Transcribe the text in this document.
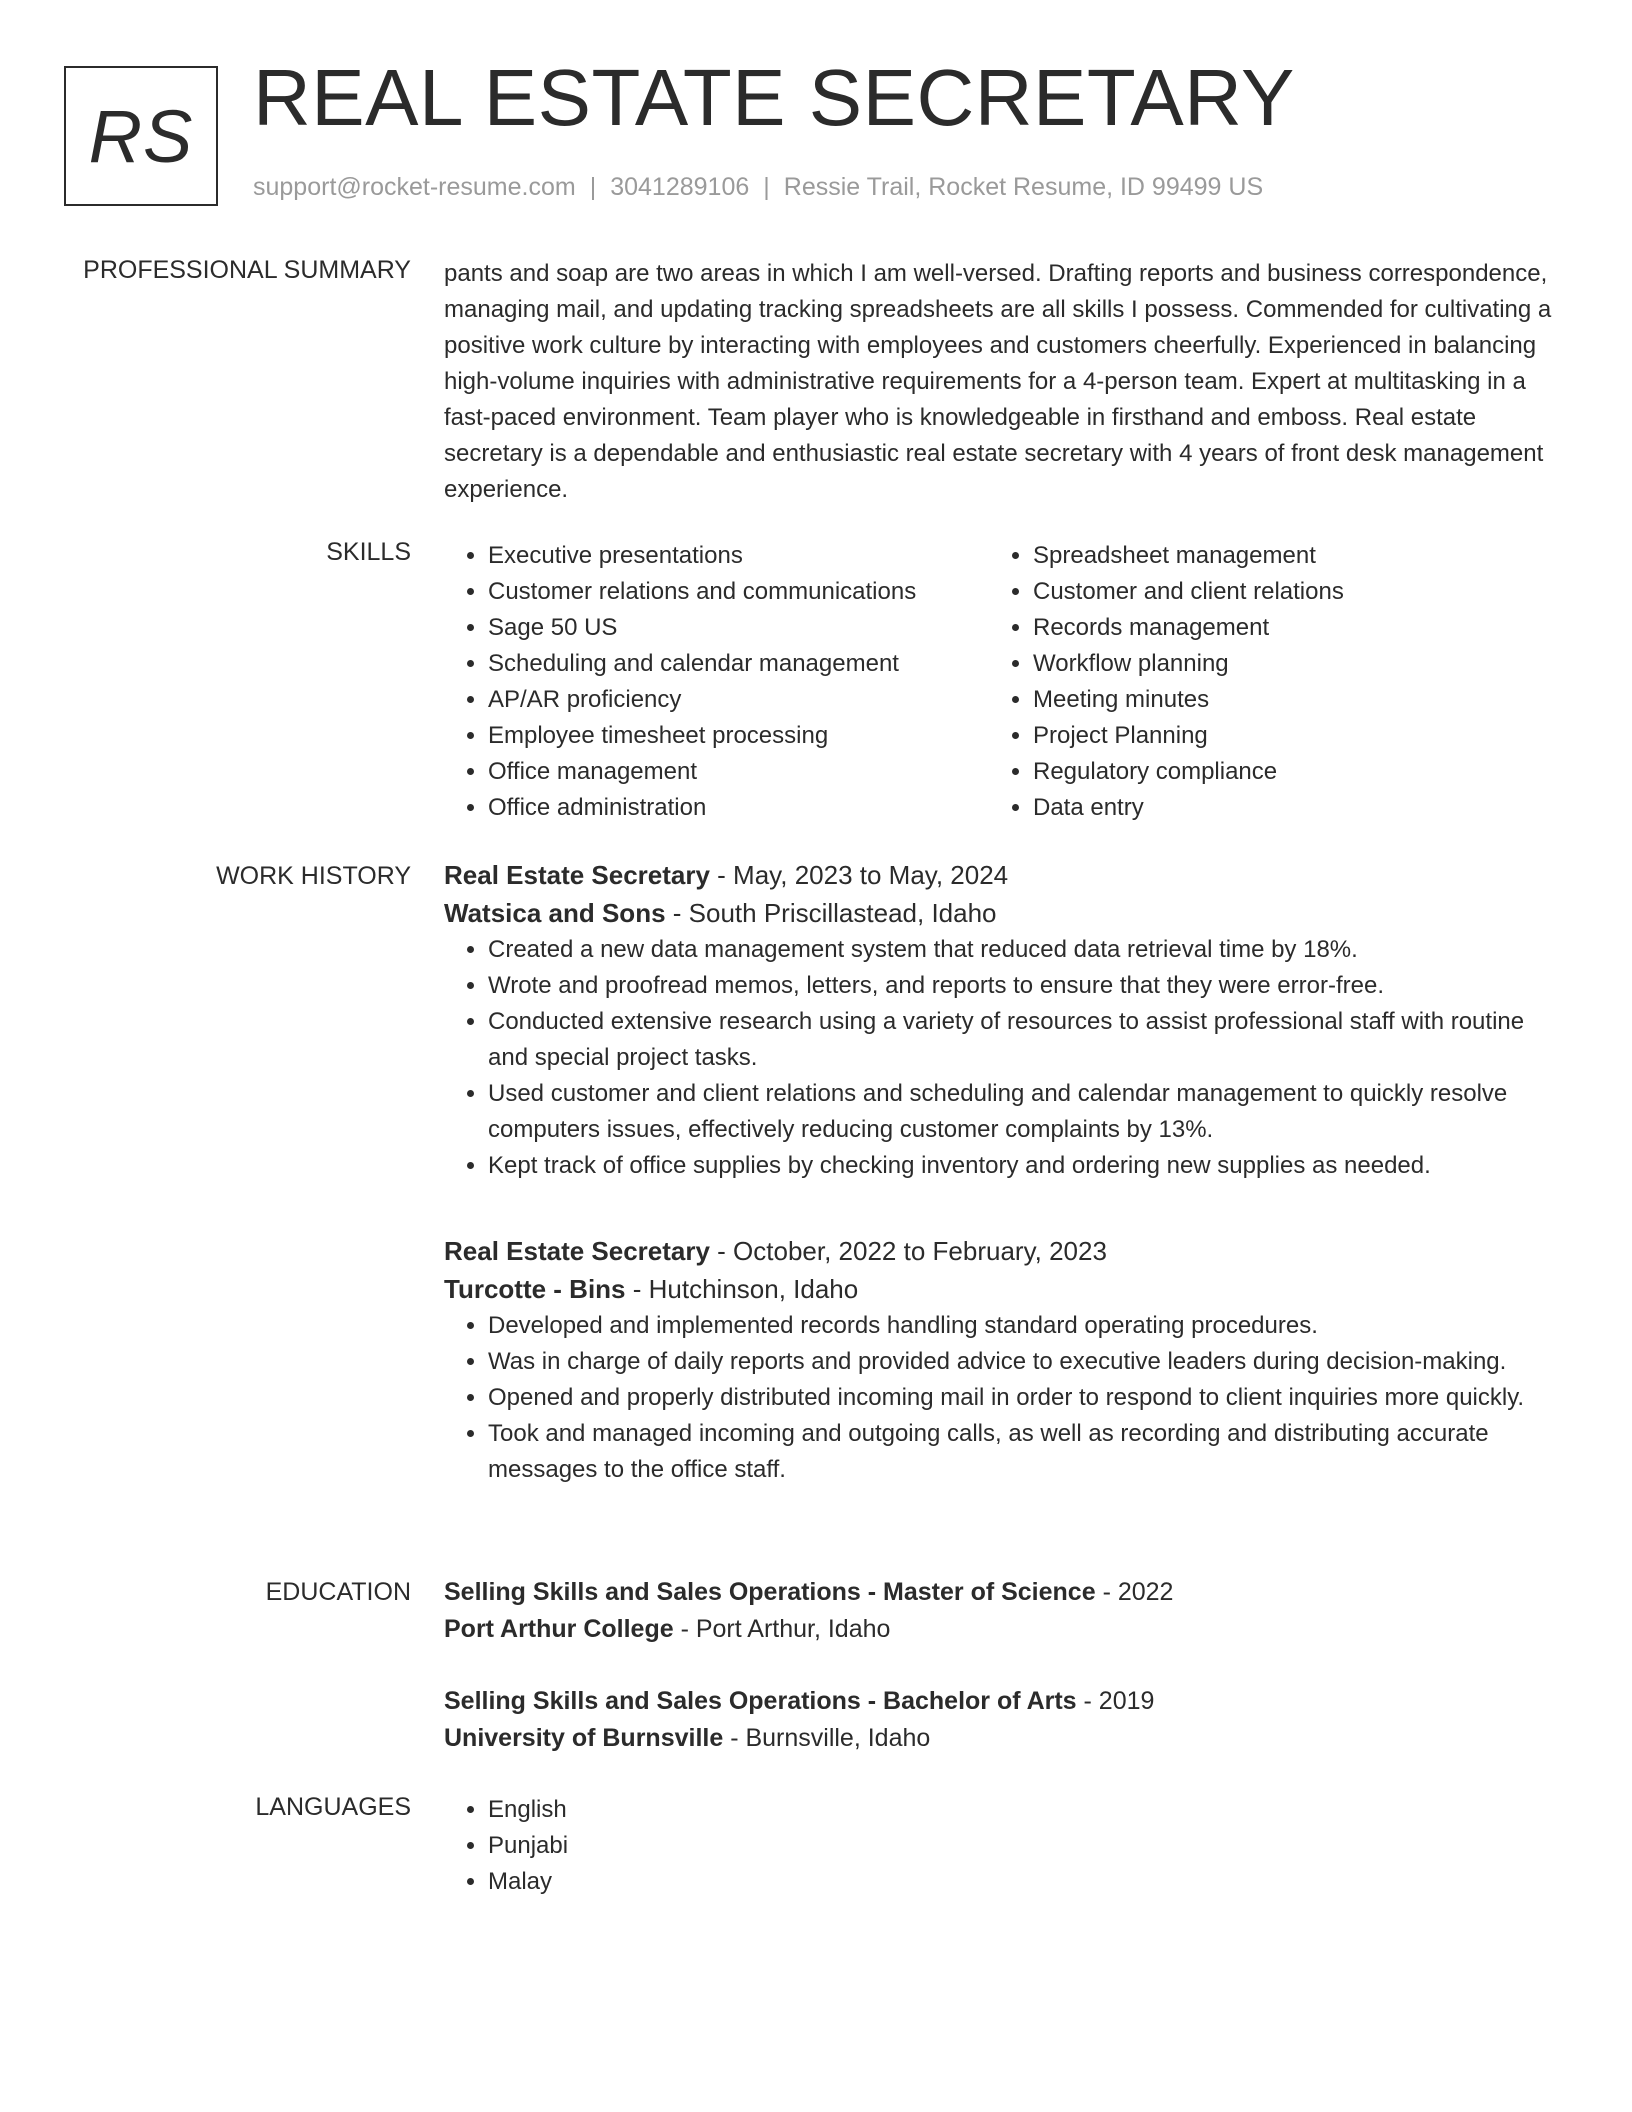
RS REAL ESTATE SECRETARY
support@rocket-resume.com | 3041289106 | Ressie Trail, Rocket Resume, ID 99499 US
PROFESSIONAL SUMMARY pants and soap are two areas in which I am well-versed. Drafting reports and business correspondence, managing mail, and updating tracking spreadsheets are all skills I possess. Commended for cultivating a positive work culture by interacting with employees and customers cheerfully. Experienced in balancing high-volume inquiries with administrative requirements for a 4-person team. Expert at multitasking in a fast-paced environment. Team player who is knowledgeable in firsthand and emboss. Real estate secretary is a dependable and enthusiastic real estate secretary with 4 years of front desk management experience.
SKILLS	• Executive presentations
• Customer relations and communications
• Sage 50 US
• Scheduling and calendar management
• AP/AR proficiency
• Employee timesheet processing
• Office management
• Office administration
• Spreadsheet management
• Customer and client relations
• Records management
• Workflow planning
• Meeting minutes
• Project Planning
• Regulatory compliance
• Data entry
WORK HISTORY Real Estate Secretary - May, 2023 to May, 2024
Watsica and Sons - South Priscillastead, Idaho
• Created a new data management system that reduced data retrieval time by 18%.
• Wrote and proofread memos, letters, and reports to ensure that they were error-free.
• Conducted extensive research using a variety of resources to assist professional staff with routine and special project tasks.
• Used customer and client relations and scheduling and calendar management to quickly resolve computers issues, effectively reducing customer complaints by 13%.
• Kept track of office supplies by checking inventory and ordering new supplies as needed.
Real Estate Secretary - October, 2022 to February, 2023
Turcotte - Bins - Hutchinson, Idaho
• Developed and implemented records handling standard operating procedures.
• Was in charge of daily reports and provided advice to executive leaders during decision-making.
• Opened and properly distributed incoming mail in order to respond to client inquiries more quickly.
• Took and managed incoming and outgoing calls, as well as recording and distributing accurate messages to the office staff.
EDUCATION Selling Skills and Sales Operations - Master of Science - 2022
Port Arthur College - Port Arthur, Idaho
Selling Skills and Sales Operations - Bachelor of Arts - 2019
University of Burnsville - Burnsville, Idaho
LANGUAGES	• English
• Punjabi
• Malay
